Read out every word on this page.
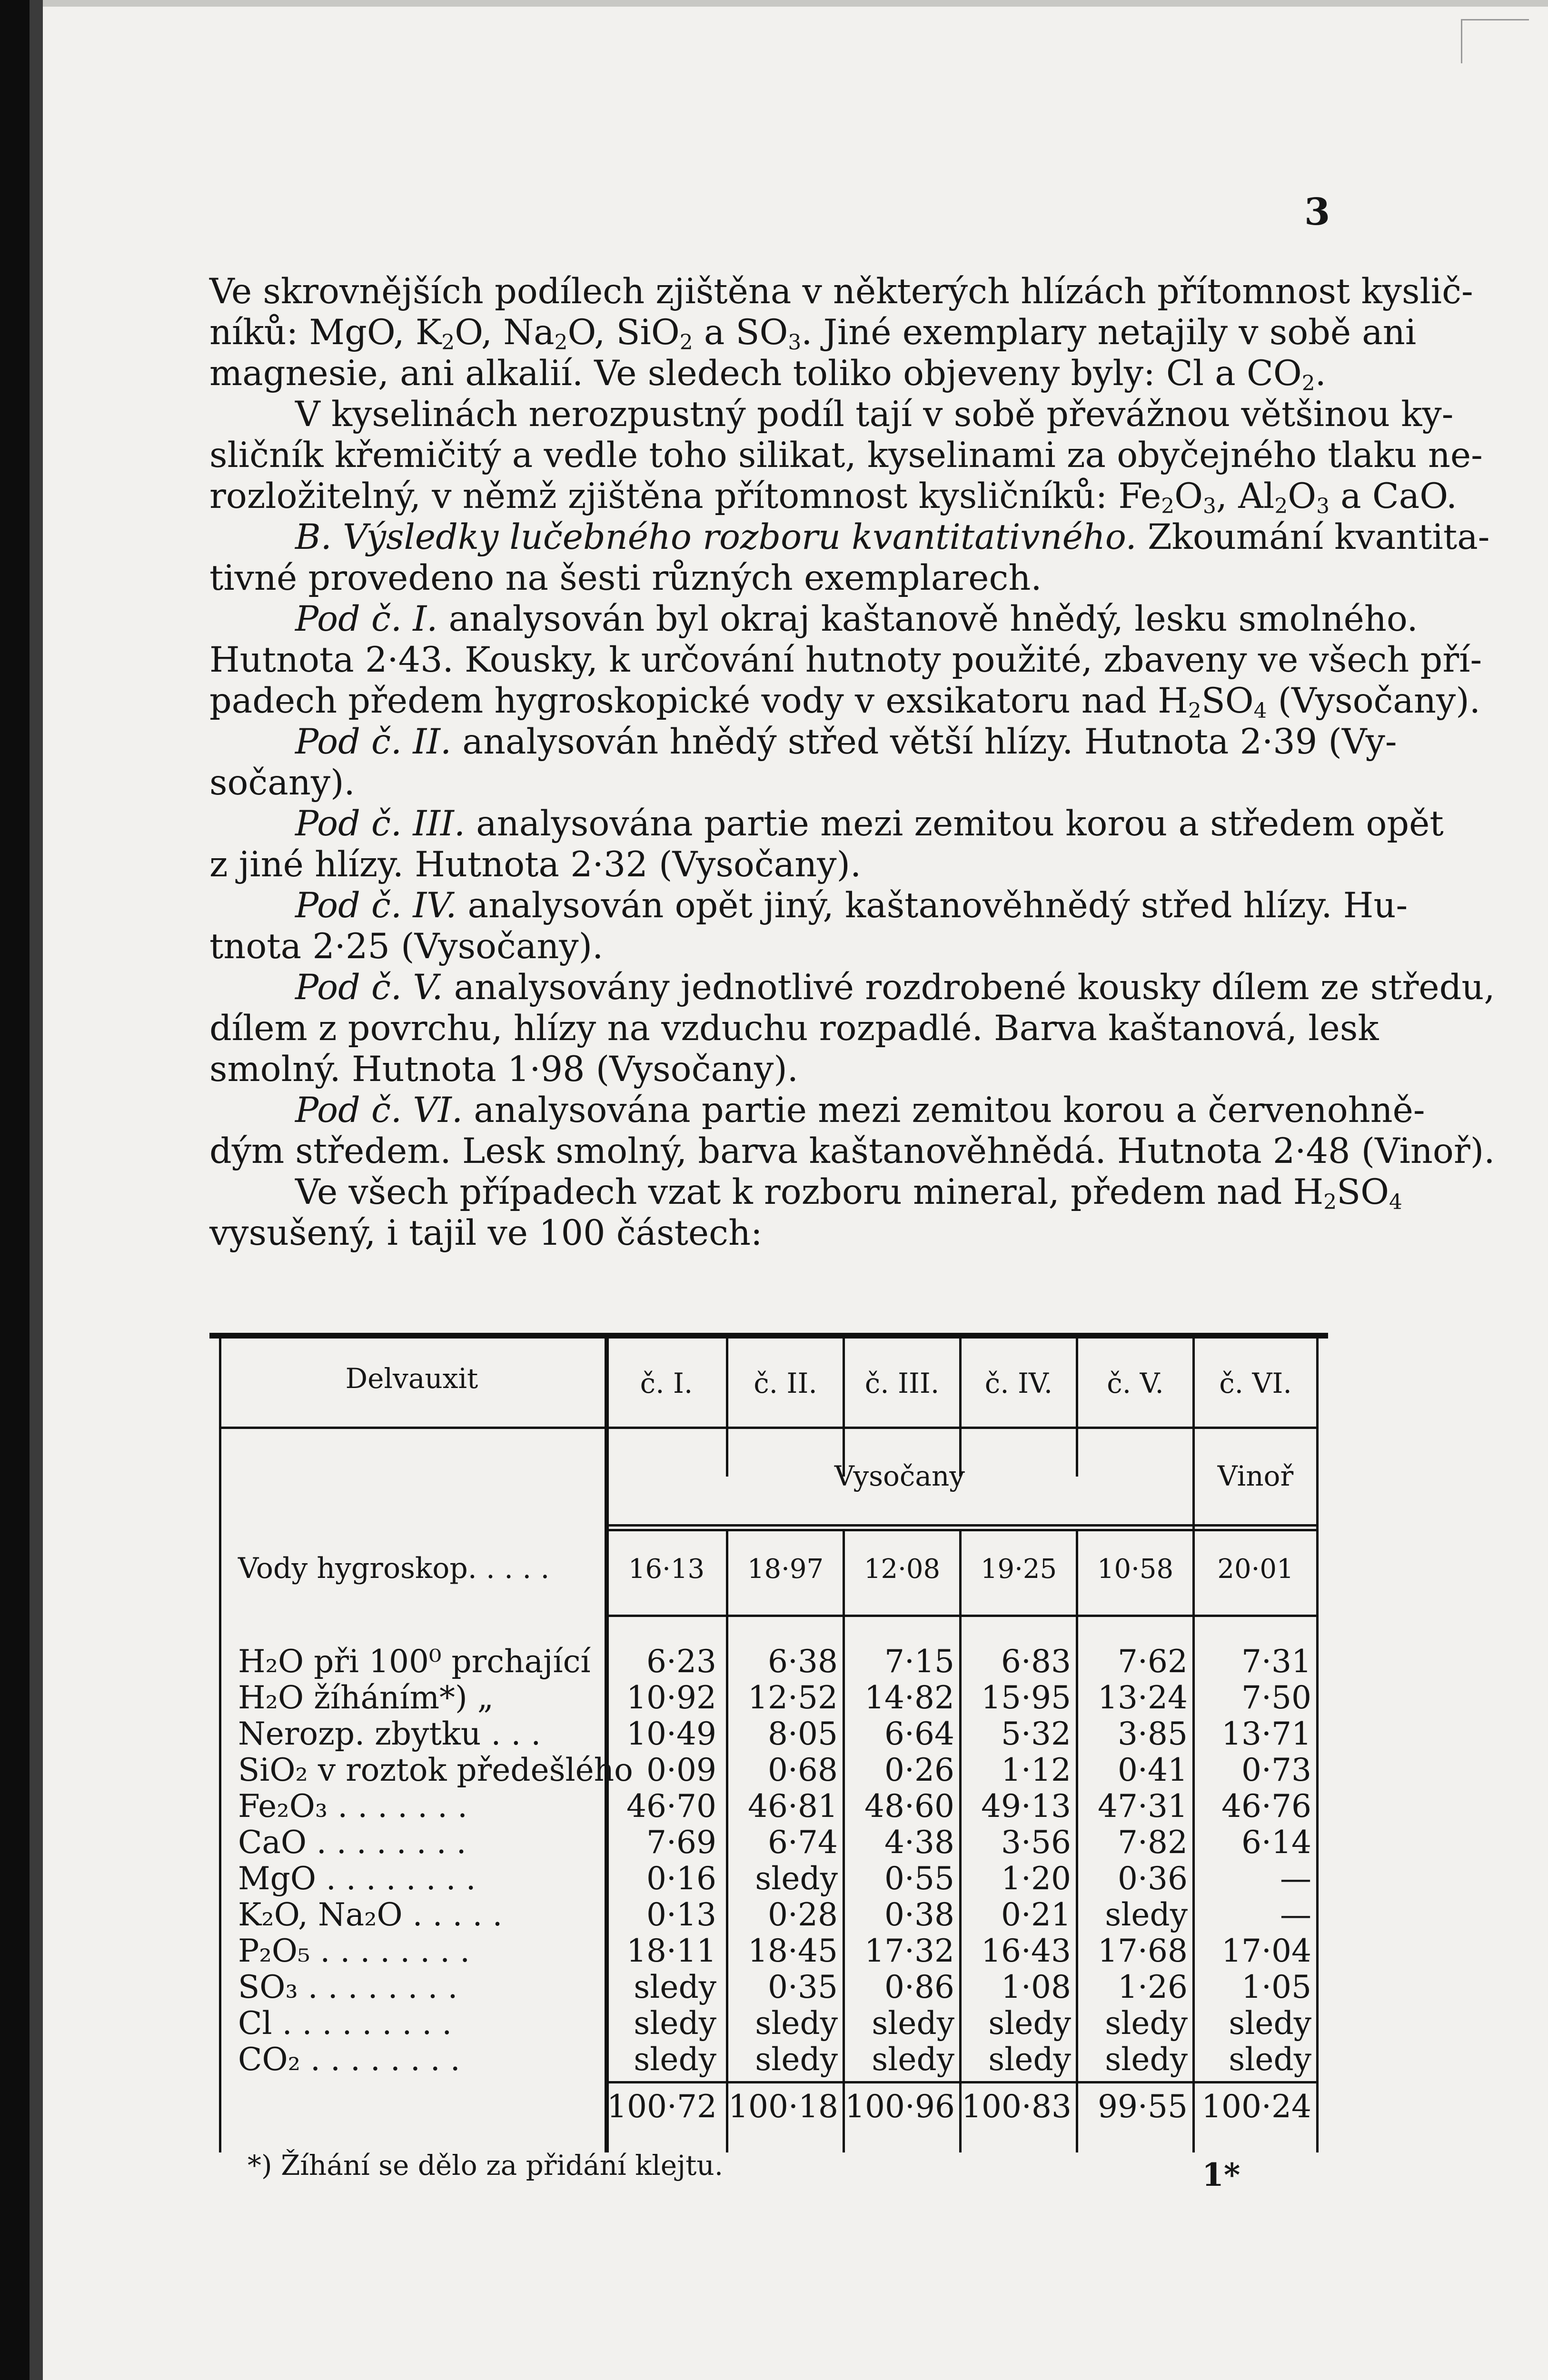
3
Ve skrovnějších podílech zjištěna v některých hlízách přítomnost kyslič-
níků: MgO, $K_2O$, $Na_2O$, SiO$_2$ a $SO_3$. Jiné exemplary netajily v sobě ani
magnesie, ani alkalií. Ve sledech toliko objeveny byly: Cl a $CO_2$.
V kyselinách nerozpustný podíl tají v sobě převážnou většinou ky-
sličník křemičitý a vedle toho silikat, kyselinami za obyčejného tlaku ne-
rozložitelný, v němž zjištěna přítomnost kysličníků: $Fe_2O_3$, $Al_2O_3$ a CaO.
B. Výsledky lučebného rozboru kvantitativného. Zkoumání kvantita-
tivné provedeno na šesti různých exemplarech.
Pod č. I. analysován byl okraj kaštanově hnědý, lesku smolného.
Hutnota 2·43. Kousky, k určování hutnoty použité, zbaveny ve všech pří-
padech předem hygroskopické vody v exsikatoru nad $H_2SO_4$ (Vysočany).
Pod č. II. analysován hnědý střed větší hlízy. Hutnota 2·39 (Vy-
sočany).
Pod č. III. analysována partie mezi zemitou korou a středem opět
z jiné hlízy. Hutnota 2·32 (Vysočany).
Pod č. IV. analysován opět jiný, kaštanověhnědý střed hlízy. Hu-
tnota 2·25 (Vysočany).
Pod č. V. analysovány jednotlivé rozdrobené kousky dílem ze středu,
dílem z povrchu, hlízy na vzduchu rozpadlé. Barva kaštanová, lesk
smolný. Hutnota 1·98 (Vysočany).
Pod č. VI. analysována partie mezi zemitou korou a červenohně-
dým středem. Lesk smolný, barva kaštanověhnědá. Hutnota 2·48 (Vinoř).
Ve všech případech vzat k rozboru mineral, předem nad $H_2SO_4$
vysušený, i tajil ve 100 částech:
Delvauxit	č. I.	č. II.	č. III.	č. IV.	č. V.	č. VI.
Vysočany	Vinoř
Vody hygroskop. . . . .	16·13	18·97	12·08	19·25	10·58	20·01
H₂O při 100⁰ prchající	6·23	6·38	7·15	6·83	7·62	7·31
H₂O žíháním*) „	10·92	12·52 14·82 15·95 13·24	7·50
Nerozp. zbytku . . .	10·49	8·05	6·64	5·32	3·85	13·71
SiO₂ v roztok předešlého 0·09	0·68	0·26	1·12	0·41	0·73
Fe₂O₃ . . . . . . .	46·70	46·81 48·60 49·13 47·31	46·76
CaO . . . . . . . .	7·69	6·74	4·38	3·56	7·82	6·14
MgO . . . . . . . .	0·16	sledy	0·55	1·20	0·36	—
K₂O, Na₂O . . . . .	0·13	0·28	0·38	0·21	sledy	—
P₂O₅ . . . . . . . .	18·11	18·45 17·32 16·43 17·68	17·04
SO₃ . . . . . . . .	sledy	0·35	0·86	1·08	1·26	1·05
Cl . . . . . . . . .	sledy	sledy	sledy	sledy	sledy	sledy
CO₂ . . . . . . . .	sledy	sledy	sledy	sledy	sledy	sledy
100·72 100·18 100·96 100·83 99·55 100·24
*) Žíhání se dělo za přidání klejtu.	1*
